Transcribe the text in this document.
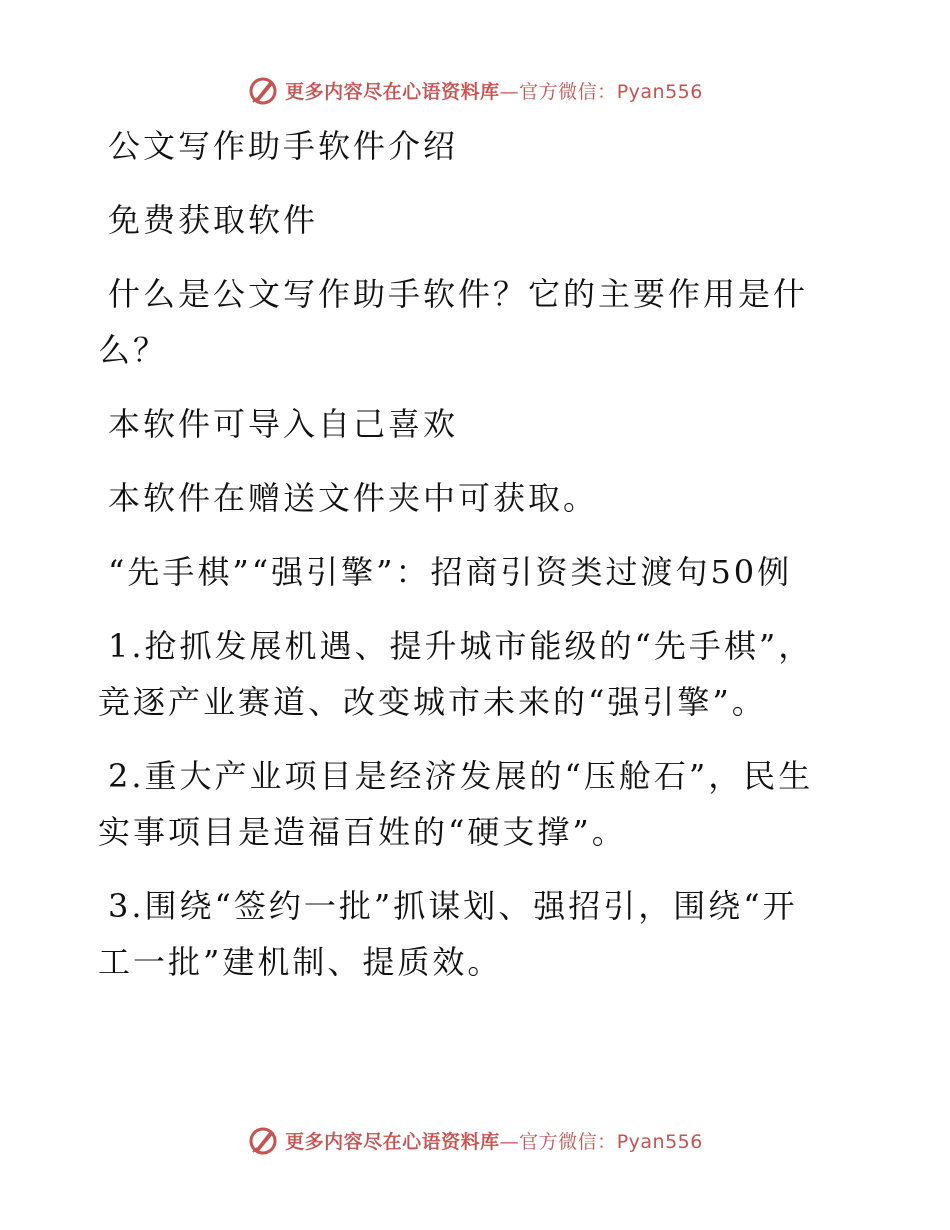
更多内容尽在心语资料库—官方微信：Pyan556

公文写作助手软件介绍

免费获取软件

什么是公文写作助手软件？它的主要作用是什
么？

本软件可导入自己喜欢

本软件在赠送文件夹中可获取。

“先手棋”“强引擎”：招商引资类过渡句50例

1.抢抓发展机遇、提升城市能级的“先手棋”，
竞逐产业赛道、改变城市未来的“强引擎”。

2.重大产业项目是经济发展的“压舱石”，民生
实事项目是造福百姓的“硬支撑”。

3.围绕“签约一批”抓谋划、强招引，围绕“开
工一批”建机制、提质效。

更多内容尽在心语资料库—官方微信：Pyan556
